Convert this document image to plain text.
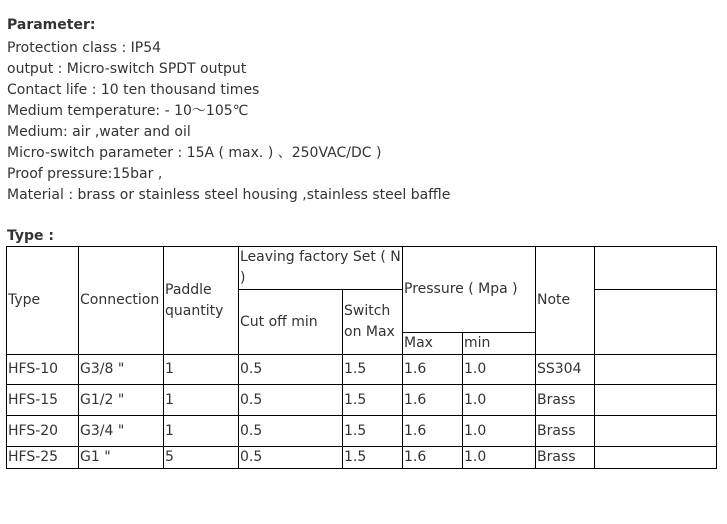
Parameter:
Protection class : IP54
output : Micro-switch SPDT output
Contact life : 10 ten thousand times
Medium temperature: - 10～105℃
Medium: air ,water and oil
Micro-switch parameter : 15A ( max. ) 、250VAC/DC )
Proof pressure:15bar ,
Material : brass or stainless steel housing ,stainless steel baffle
Type :
Type	Connection	Paddle quantity	Leaving factory Set ( N )		Pressure ( Mpa )		Note	
			Cut off min	Switch on Max				
					Max	min		
HFS-10	G3/8 "	1	0.5	1.5	1.6	1.0	SS304	
HFS-15	G1/2 "	1	0.5	1.5	1.6	1.0	Brass	
HFS-20	G3/4 "	1	0.5	1.5	1.6	1.0	Brass	
HFS-25	G1 "	5	0.5	1.5	1.6	1.0	Brass	
